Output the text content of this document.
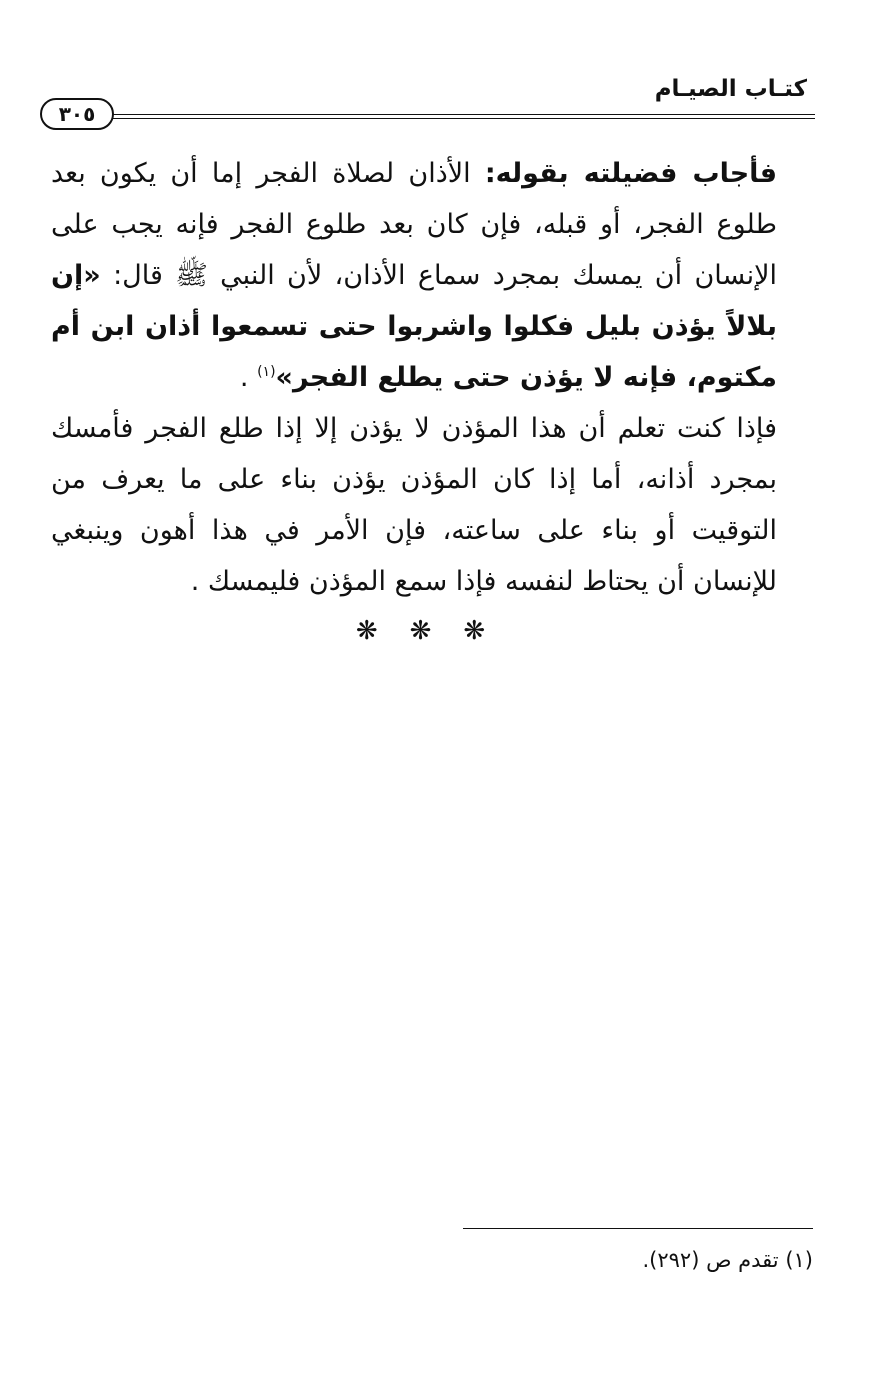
كتـاب الصيـام
٣٠٥

فأجاب فضيلته بقوله: الأذان لصلاة الفجر إما أن يكون بعد طلوع الفجر، أو قبله، فإن كان بعد طلوع الفجر فإنه يجب على الإنسان أن يمسك بمجرد سماع الأذان، لأن النبي ﷺ قال: «إن بلالاً يؤذن بليل فكلوا واشربوا حتى تسمعوا أذان ابن أم مكتوم، فإنه لا يؤذن حتى يطلع الفجر»$^{(١)}$ .

فإذا كنت تعلم أن هذا المؤذن لا يؤذن إلا إذا طلع الفجر فأمسك بمجرد أذانه، أما إذا كان المؤذن يؤذن بناء على ما يعرف من التوقيت أو بناء على ساعته، فإن الأمر في هذا أهون وينبغي للإنسان أن يحتاط لنفسه فإذا سمع المؤذن فليمسك .

❋❋❋
(١) تقدم ص (٢٩٢).
